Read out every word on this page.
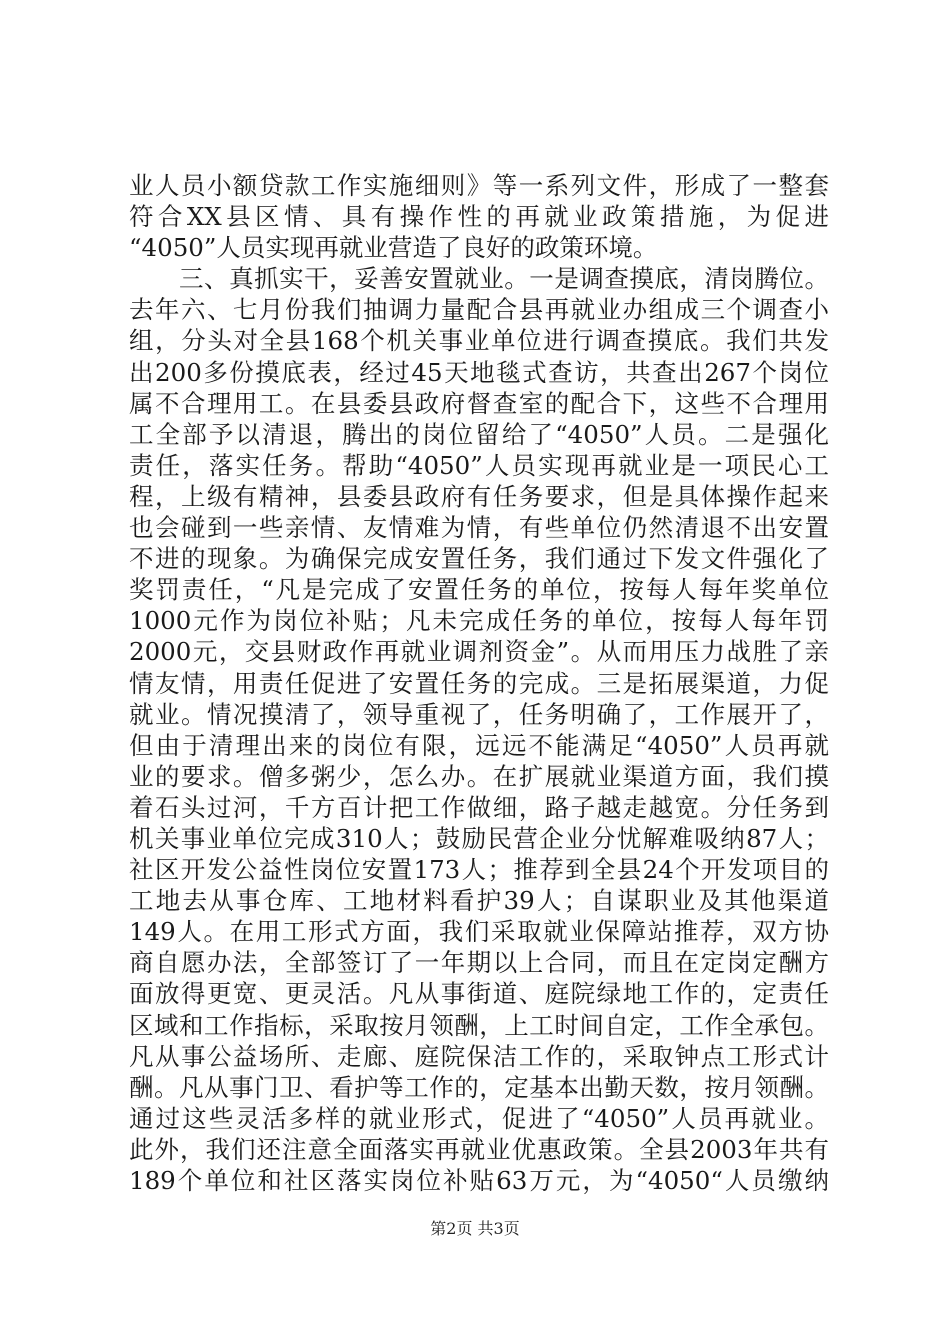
业人员小额贷款工作实施细则》等一系列文件，形成了一整套
符合XX县区情、具有操作性的再就业政策措施，为促进
“4050”人员实现再就业营造了良好的政策环境。
　　三、真抓实干，妥善安置就业。一是调查摸底，清岗腾位。
去年六、七月份我们抽调力量配合县再就业办组成三个调查小
组，分头对全县168个机关事业单位进行调查摸底。我们共发
出200多份摸底表，经过45天地毯式查访，共查出267个岗位
属不合理用工。在县委县政府督查室的配合下，这些不合理用
工全部予以清退，腾出的岗位留给了“4050”人员。二是强化
责任，落实任务。帮助“4050”人员实现再就业是一项民心工
程，上级有精神，县委县政府有任务要求，但是具体操作起来
也会碰到一些亲情、友情难为情，有些单位仍然清退不出安置
不进的现象。为确保完成安置任务，我们通过下发文件强化了
奖罚责任，“凡是完成了安置任务的单位，按每人每年奖单位
1000元作为岗位补贴；凡未完成任务的单位，按每人每年罚
2000元，交县财政作再就业调剂资金”。从而用压力战胜了亲
情友情，用责任促进了安置任务的完成。三是拓展渠道，力促
就业。情况摸清了，领导重视了，任务明确了，工作展开了，
但由于清理出来的岗位有限，远远不能满足“4050”人员再就
业的要求。僧多粥少，怎么办。在扩展就业渠道方面，我们摸
着石头过河，千方百计把工作做细，路子越走越宽。分任务到
机关事业单位完成310人；鼓励民营企业分忧解难吸纳87人；
社区开发公益性岗位安置173人；推荐到全县24个开发项目的
工地去从事仓库、工地材料看护39人；自谋职业及其他渠道
149人。在用工形式方面，我们采取就业保障站推荐，双方协
商自愿办法，全部签订了一年期以上合同，而且在定岗定酬方
面放得更宽、更灵活。凡从事街道、庭院绿地工作的，定责任
区域和工作指标，采取按月领酬，上工时间自定，工作全承包。
凡从事公益场所、走廊、庭院保洁工作的，采取钟点工形式计
酬。凡从事门卫、看护等工作的，定基本出勤天数，按月领酬。
通过这些灵活多样的就业形式，促进了“4050”人员再就业。
此外，我们还注意全面落实再就业优惠政策。全县2003年共有
189个单位和社区落实岗位补贴63万元，为“4050“人员缴纳
第2页 共3页
